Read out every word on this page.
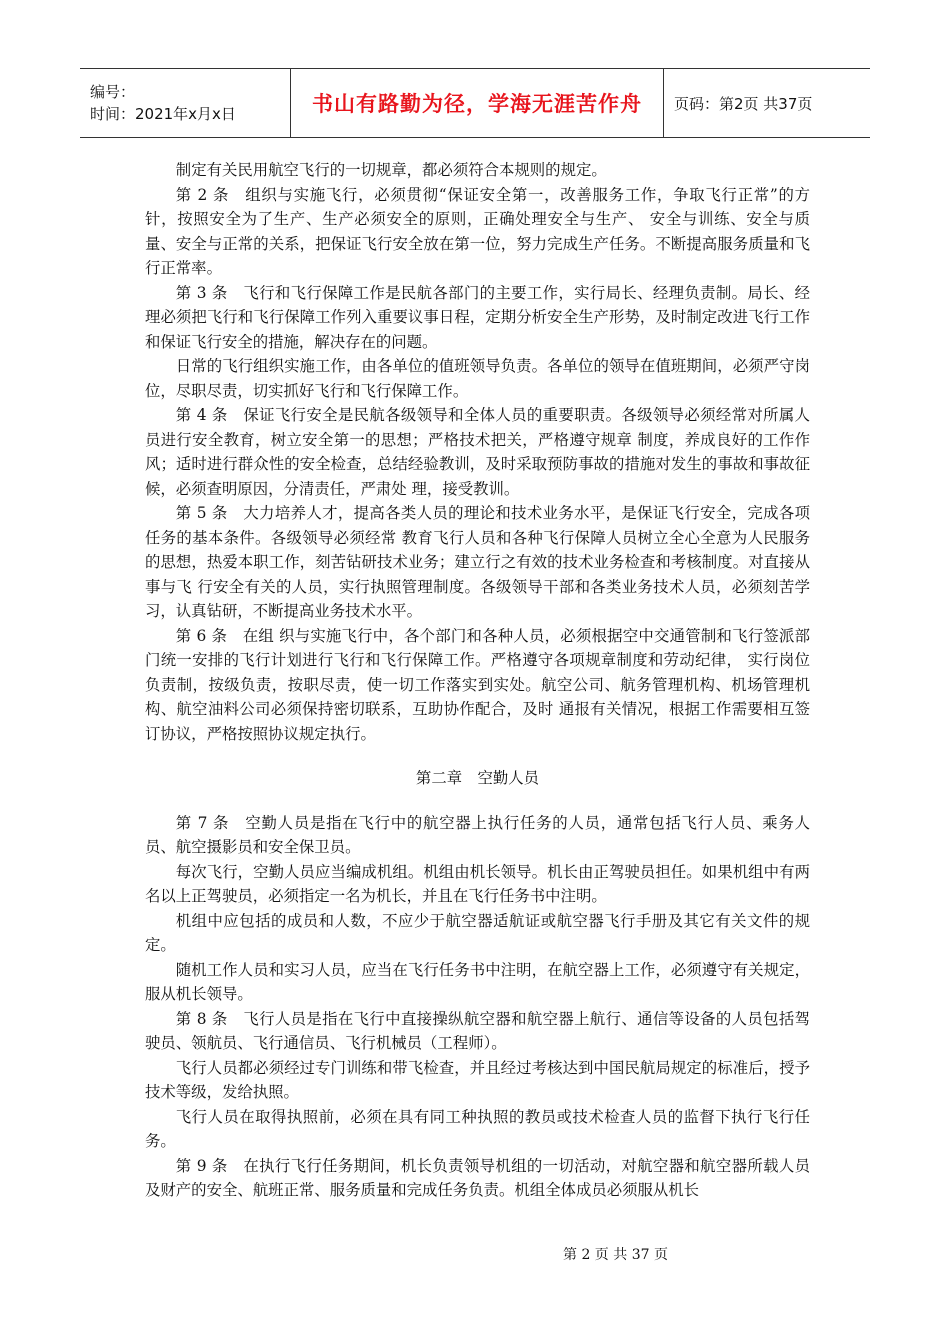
编号：
时间：2021年x月x日	书山有路勤为径，学海无涯苦作舟 页码：第2页 共37页

制定有关民用航空飞行的一切规章，都必须符合本规则的规定。

第 2 条　组织与实施飞行，必须贯彻“保证安全第一，改善服务工作，争取飞行正常”的方针，按照安全为了生产、生产必须安全的原则，正确处理安全与生产、 安全与训练、安全与质量、安全与正常的关系，把保证飞行安全放在第一位，努力完成生产任务。不断提高服务质量和飞行正常率。

第 3 条　飞行和飞行保障工作是民航各部门的主要工作，实行局长、经理负责制。局长、经理必须把飞行和飞行保障工作列入重要议事日程，定期分析安全生产形势，及时制定改进飞行工作和保证飞行安全的措施，解决存在的问题。

日常的飞行组织实施工作，由各单位的值班领导负责。各单位的领导在值班期间，必须严守岗位，尽职尽责，切实抓好飞行和飞行保障工作。

第 4 条　保证飞行安全是民航各级领导和全体人员的重要职责。各级领导必须经常对所属人员进行安全教育，树立安全第一的思想；严格技术把关，严格遵守规章 制度，养成良好的工作作风；适时进行群众性的安全检查，总结经验教训，及时采取预防事故的措施对发生的事故和事故征候，必须查明原因，分清责任，严肃处 理，接受教训。

第 5 条　大力培养人才，提高各类人员的理论和技术业务水平，是保证飞行安全，完成各项任务的基本条件。各级领导必须经常 教育飞行人员和各种飞行保障人员树立全心全意为人民服务的思想，热爱本职工作，刻苦钻研技术业务；建立行之有效的技术业务检查和考核制度。对直接从事与飞 行安全有关的人员，实行执照管理制度。各级领导干部和各类业务技术人员，必须刻苦学习，认真钻研，不断提高业务技术水平。

第 6 条　在组 织与实施飞行中，各个部门和各种人员，必须根据空中交通管制和飞行签派部门统一安排的飞行计划进行飞行和飞行保障工作。严格遵守各项规章制度和劳动纪律， 实行岗位负责制，按级负责，按职尽责，使一切工作落实到实处。航空公司、航务管理机构、机场管理机构、航空油料公司必须保持密切联系，互助协作配合，及时 通报有关情况，根据工作需要相互签订协议，严格按照协议规定执行。

第二章　空勤人员

第 7 条　空勤人员是指在飞行中的航空器上执行任务的人员，通常包括飞行人员、乘务人员、航空摄影员和安全保卫员。

每次飞行，空勤人员应当编成机组。机组由机长领导。机长由正驾驶员担任。如果机组中有两名以上正驾驶员，必须指定一名为机长，并且在飞行任务书中注明。

机组中应包括的成员和人数，不应少于航空器适航证或航空器飞行手册及其它有关文件的规定。

随机工作人员和实习人员，应当在飞行任务书中注明，在航空器上工作，必须遵守有关规定，服从机长领导。

第 8 条　飞行人员是指在飞行中直接操纵航空器和航空器上航行、通信等设备的人员包括驾驶员、领航员、飞行通信员、飞行机械员（工程师）。

飞行人员都必须经过专门训练和带飞检查，并且经过考核达到中国民航局规定的标准后，授予技术等级，发给执照。

飞行人员在取得执照前，必须在具有同工种执照的教员或技术检查人员的监督下执行飞行任务。

第 9 条　在执行飞行任务期间，机长负责领导机组的一切活动，对航空器和航空器所载人员及财产的安全、航班正常、服务质量和完成任务负责。机组全体成员必须服从机长

第 2 页 共 37 页
